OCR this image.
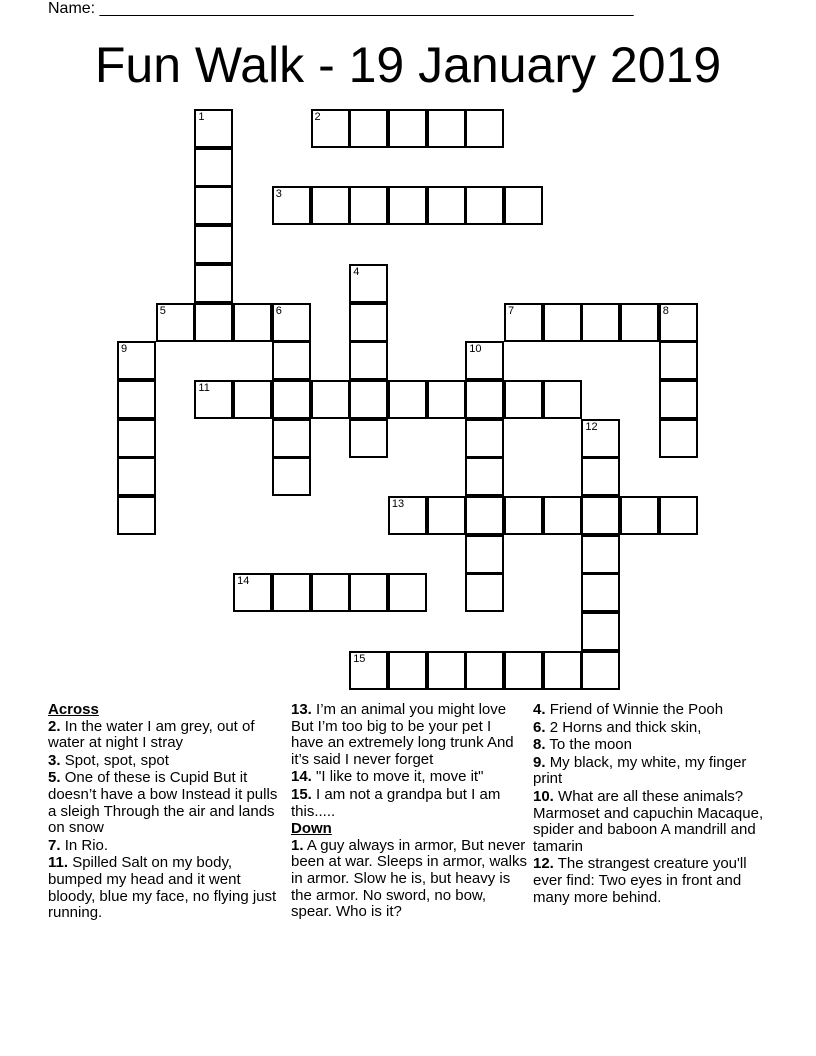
Name: ____________________________________________________________
Fun Walk - 19 January 2019
1	2
3
4
5	6	7	8
9	10
11
12
13
14
15
Across
2. In the water I am grey, out of water at night I stray
3. Spot, spot, spot
5. One of these is Cupid But it doesn’t have a bow Instead it pulls a sleigh Through the air and lands on snow
7. In Rio.
11. Spilled Salt on my body, bumped my head and it went bloody, blue my face, no flying just running.
13. I’m an animal you might love But I’m too big to be your pet I have an extremely long trunk And it’s said I never forget
14. "I like to move it, move it"
15. I am not a grandpa but I am this.....
Down
1. A guy always in armor, But never been at war. Sleeps in armor, walks in armor. Slow he is, but heavy is the armor. No sword, no bow, spear. Who is it?
4. Friend of Winnie the Pooh
6. 2 Horns and thick skin,
8. To the moon
9. My black, my white, my finger print
10. What are all these animals? Marmoset and capuchin Macaque, spider and baboon A mandrill and tamarin
12. The strangest creature you'll ever find: Two eyes in front and many more behind.
